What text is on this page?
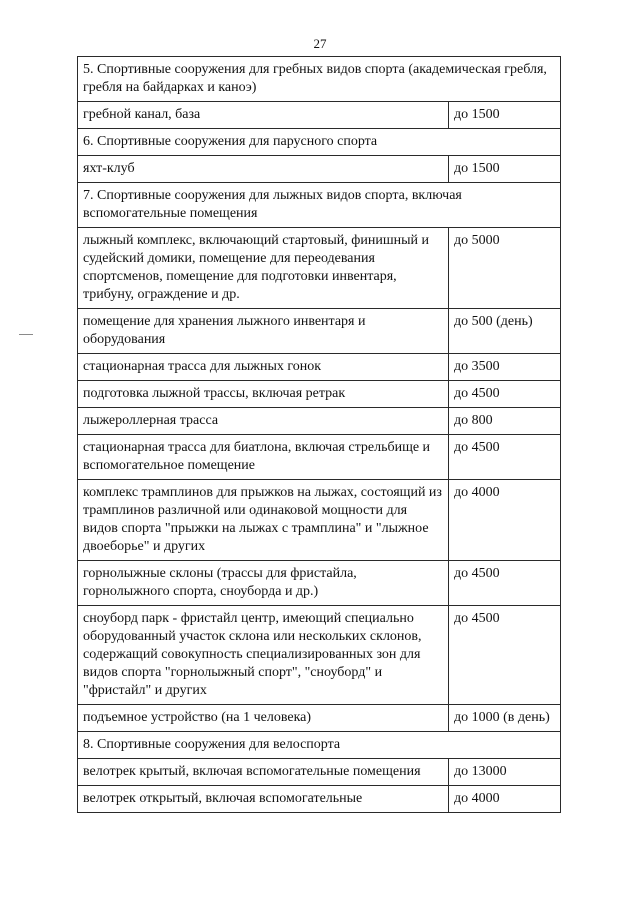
27
5. Спортивные сооружения для гребных видов спорта (академическая гребля, гребля на байдарках и каноэ)	
гребной канал, база	до 1500
6. Спортивные сооружения для парусного спорта	
яхт-клуб	до 1500
7. Спортивные сооружения для лыжных видов спорта, включая вспомогательные помещения	
лыжный комплекс, включающий стартовый, финишный и судейский домики, помещение для переодевания спортсменов, помещение для подготовки инвентаря, трибуну, ограждение и др.	до 5000
помещение для хранения лыжного инвентаря и оборудования	до 500 (день)
стационарная трасса для лыжных гонок	до 3500
подготовка лыжной трассы, включая ретрак	до 4500
лыжероллерная трасса	до 800
стационарная трасса для биатлона, включая стрельбище и вспомогательное помещение	до 4500
комплекс трамплинов для прыжков на лыжах, состоящий из трамплинов различной или одинаковой мощности для видов спорта "прыжки на лыжах с трамплина" и "лыжное двоеборье" и других	до 4000
горнолыжные склоны (трассы для фристайла, горнолыжного спорта, сноуборда и др.)	до 4500
сноуборд парк - фристайл центр, имеющий специально оборудованный участок склона или нескольких склонов, содержащий совокупность специализированных зон для видов спорта "горнолыжный спорт", "сноуборд" и "фристайл" и других	до 4500
подъемное устройство (на 1 человека)	до 1000 (в день)
8. Спортивные сооружения для велоспорта	
велотрек крытый, включая вспомогательные помещения	до 13000
велотрек открытый, включая вспомогательные	до 4000
